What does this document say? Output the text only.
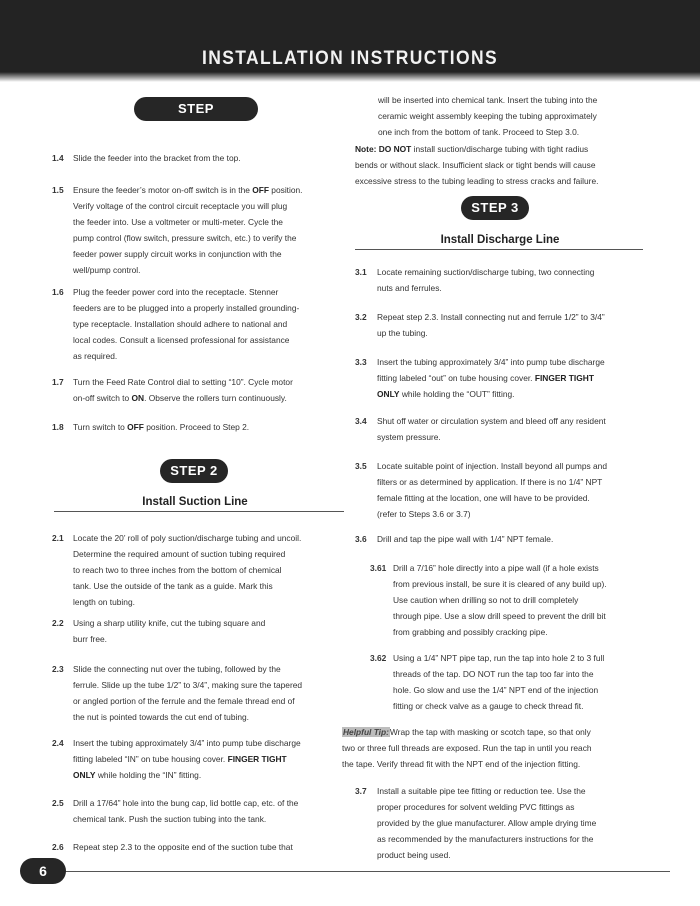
INSTALLATION INSTRUCTIONS
STEP 1...CONTINUED
STEP 2
Install Suction Line
STEP 3
Install Discharge Line
1.4 Slide the feeder into the bracket from the top.

1.5 Ensure the feeder’s motor on-off switch is in the OFF position.

Verify voltage of the control circuit receptacle you will plug

the feeder into. Use a voltmeter or multi-meter. Cycle the

pump control (flow switch, pressure switch, etc.) to verify the

feeder power supply circuit works in conjunction with the

well/pump control.

1.6 Plug the feeder power cord into the receptacle. Stenner

feeders are to be plugged into a properly installed grounding-

type receptacle. Installation should adhere to national and

local codes. Consult a licensed professional for assistance

as required.

1.7 Turn the Feed Rate Control dial to setting “10”. Cycle motor

on-off switch to ON. Observe the rollers turn continuously.

1.8 Turn switch to OFF position. Proceed to Step 2.

2.1 Locate the 20’ roll of poly suction/discharge tubing and uncoil.

Determine the required amount of suction tubing required

to reach two to three inches from the bottom of chemical

tank. Use the outside of the tank as a guide. Mark this

length on tubing.

2.2 Using a sharp utility knife, cut the tubing square and

burr free.

2.3 Slide the connecting nut over the tubing, followed by the

ferrule. Slide up the tube 1/2” to 3/4”, making sure the tapered

or angled portion of the ferrule and the female thread end of

the nut is pointed towards the cut end of tubing.

2.4 Insert the tubing approximately 3/4” into pump tube discharge

fitting labeled “IN” on tube housing cover. FINGER TIGHT

ONLY while holding the “IN” fitting.

2.5 Drill a 17/64” hole into the bung cap, lid bottle cap, etc. of the

chemical tank. Push the suction tubing into the tank.

2.6 Repeat step 2.3 to the opposite end of the suction tube that

will be inserted into chemical tank. Insert the tubing into the

ceramic weight assembly keeping the tubing approximately

one inch from the bottom of tank. Proceed to Step 3.0.

Note: DO NOT install suction/discharge tubing with tight radius

bends or without slack. Insufficient slack or tight bends will cause

excessive stress to the tubing leading to stress cracks and failure.

3.1 Locate remaining suction/discharge tubing, two connecting

nuts and ferrules.

3.2 Repeat step 2.3. Install connecting nut and ferrule 1/2” to 3/4”

up the tubing.

3.3 Insert the tubing approximately 3/4” into pump tube discharge

fitting labeled “out” on tube housing cover. FINGER TIGHT

ONLY while holding the “OUT” fitting.

3.4 Shut off water or circulation system and bleed off any resident

system pressure.

3.5 Locate suitable point of injection. Install beyond all pumps and

filters or as determined by application. If there is no 1/4” NPT

female fitting at the location, one will have to be provided.

(refer to Steps 3.6 or 3.7)

3.6 Drill and tap the pipe wall with 1/4” NPT female.

3.61 Drill a 7/16” hole directly into a pipe wall (if a hole exists

from previous install, be sure it is cleared of any build up).

Use caution when drilling so not to drill completely

through pipe. Use a slow drill speed to prevent the drill bit

from grabbing and possibly cracking pipe.

3.62 Using a 1/4” NPT pipe tap, run the tap into hole 2 to 3 full

threads of the tap. DO NOT run the tap too far into the

hole. Go slow and use the 1/4” NPT end of the injection

fitting or check valve as a gauge to check thread fit.

3.7 Install a suitable pipe tee fitting or reduction tee. Use the

proper procedures for solvent welding PVC fittings as

provided by the glue manufacturer. Allow ample drying time

as recommended by the manufacturers instructions for the

product being used.

Helpful Tip:Wrap the tap with masking or scotch tape, so that only

two or three full threads are exposed. Run the tap in until you reach

the tape. Verify thread fit with the NPT end of the injection fitting.

6
